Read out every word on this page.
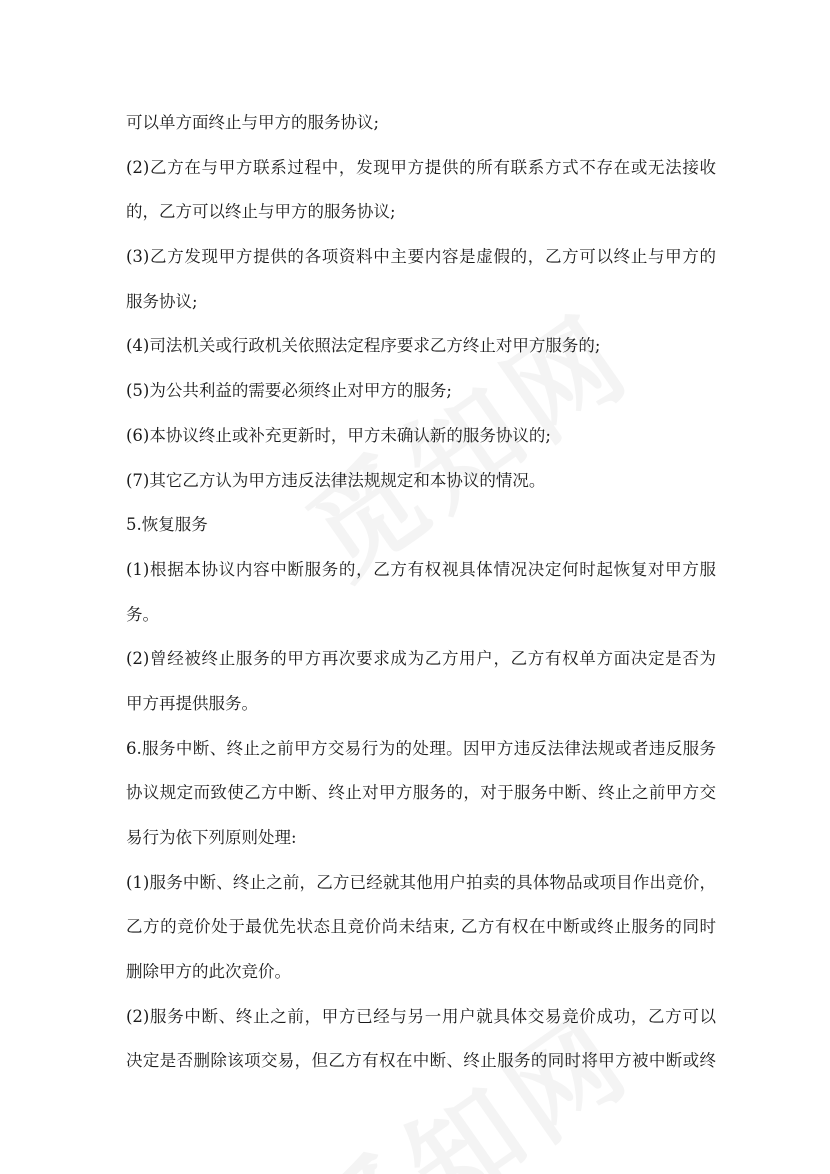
可以单方面终止与甲方的服务协议;
(2)乙方在与甲方联系过程中，发现甲方提供的所有联系方式不存在或无法接收
的，乙方可以终止与甲方的服务协议;
(3)乙方发现甲方提供的各项资料中主要内容是虚假的，乙方可以终止与甲方的
服务协议;
(4)司法机关或行政机关依照法定程序要求乙方终止对甲方服务的;
(5)为公共利益的需要必须终止对甲方的服务;
(6)本协议终止或补充更新时，甲方未确认新的服务协议的;
(7)其它乙方认为甲方违反法律法规规定和本协议的情况。
5.恢复服务
(1)根据本协议内容中断服务的，乙方有权视具体情况决定何时起恢复对甲方服
务。
(2)曾经被终止服务的甲方再次要求成为乙方用户，乙方有权单方面决定是否为
甲方再提供服务。
6.服务中断、终止之前甲方交易行为的处理。因甲方违反法律法规或者违反服务
协议规定而致使乙方中断、终止对甲方服务的，对于服务中断、终止之前甲方交
易行为依下列原则处理:
(1)服务中断、终止之前，乙方已经就其他用户拍卖的具体物品或项目作出竞价，
乙方的竞价处于最优先状态且竞价尚未结束, 乙方有权在中断或终止服务的同时
删除甲方的此次竞价。
(2)服务中断、终止之前，甲方已经与另一用户就具体交易竞价成功，乙方可以
决定是否删除该项交易，但乙方有权在中断、终止服务的同时将甲方被中断或终
